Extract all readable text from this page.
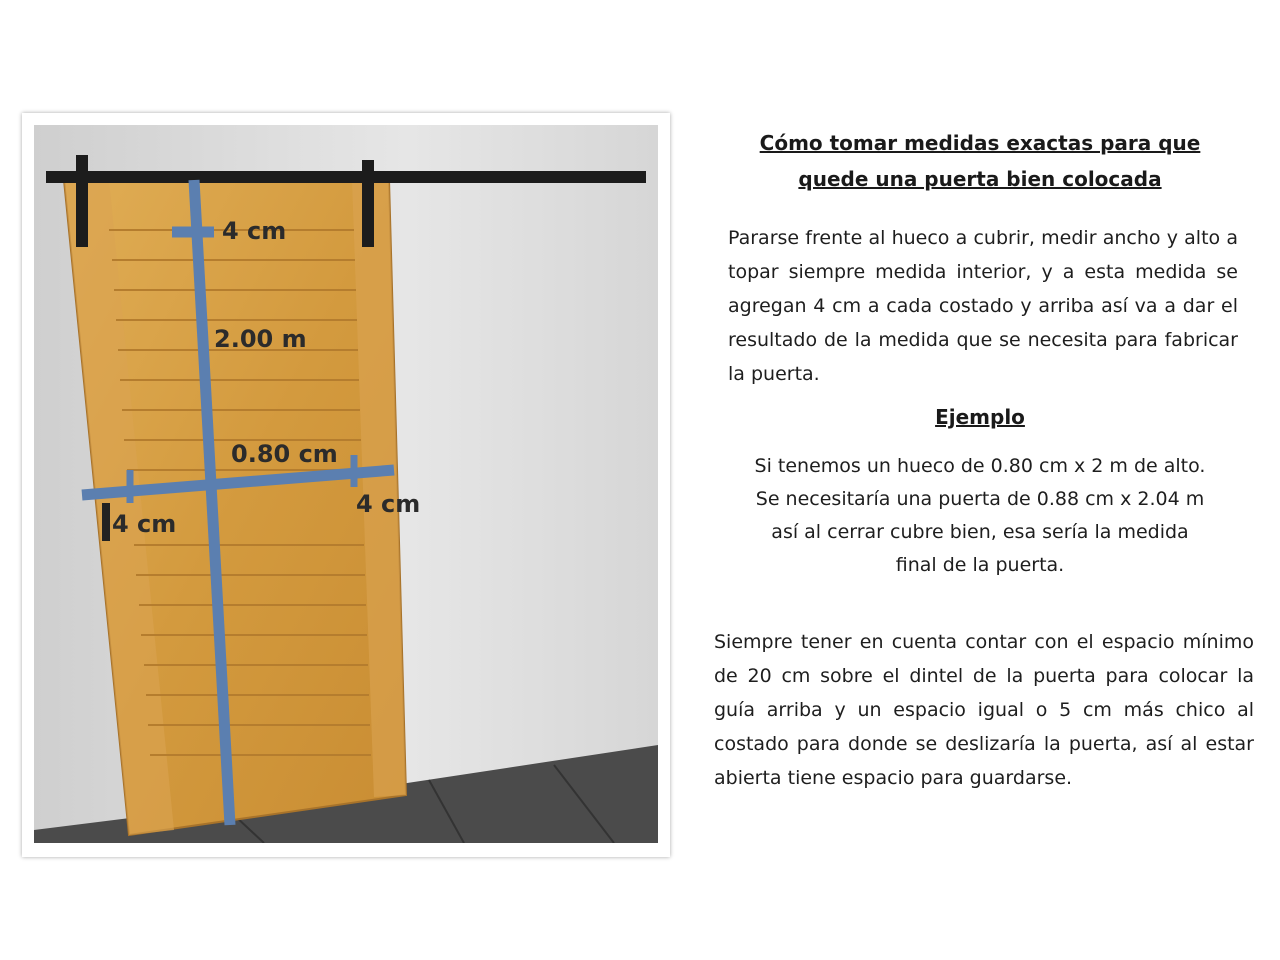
4 cm
2.00 m
0.80 cm
4 cm
4 cm
Cómo tomar medidas exactas para que
quede una puerta bien colocada
Pararse frente al hueco a cubrir, medir ancho y alto a topar siempre medida interior, y a esta medida se agregan 4 cm a cada costado y arriba así va a dar el resultado de la medida que se necesita para fabricar la puerta.
Ejemplo
Si tenemos un hueco de 0.80 cm x 2 m de alto.
Se necesitaría una puerta de 0.88 cm x 2.04 m
así al cerrar cubre bien, esa sería la medida
final de la puerta.
Siempre tener en cuenta contar con el espacio mínimo de 20 cm sobre el dintel de la puerta para colocar la guía arriba y un espacio igual o 5 cm más chico al costado para donde se deslizaría la puerta, así al estar abierta tiene espacio para guardarse.
